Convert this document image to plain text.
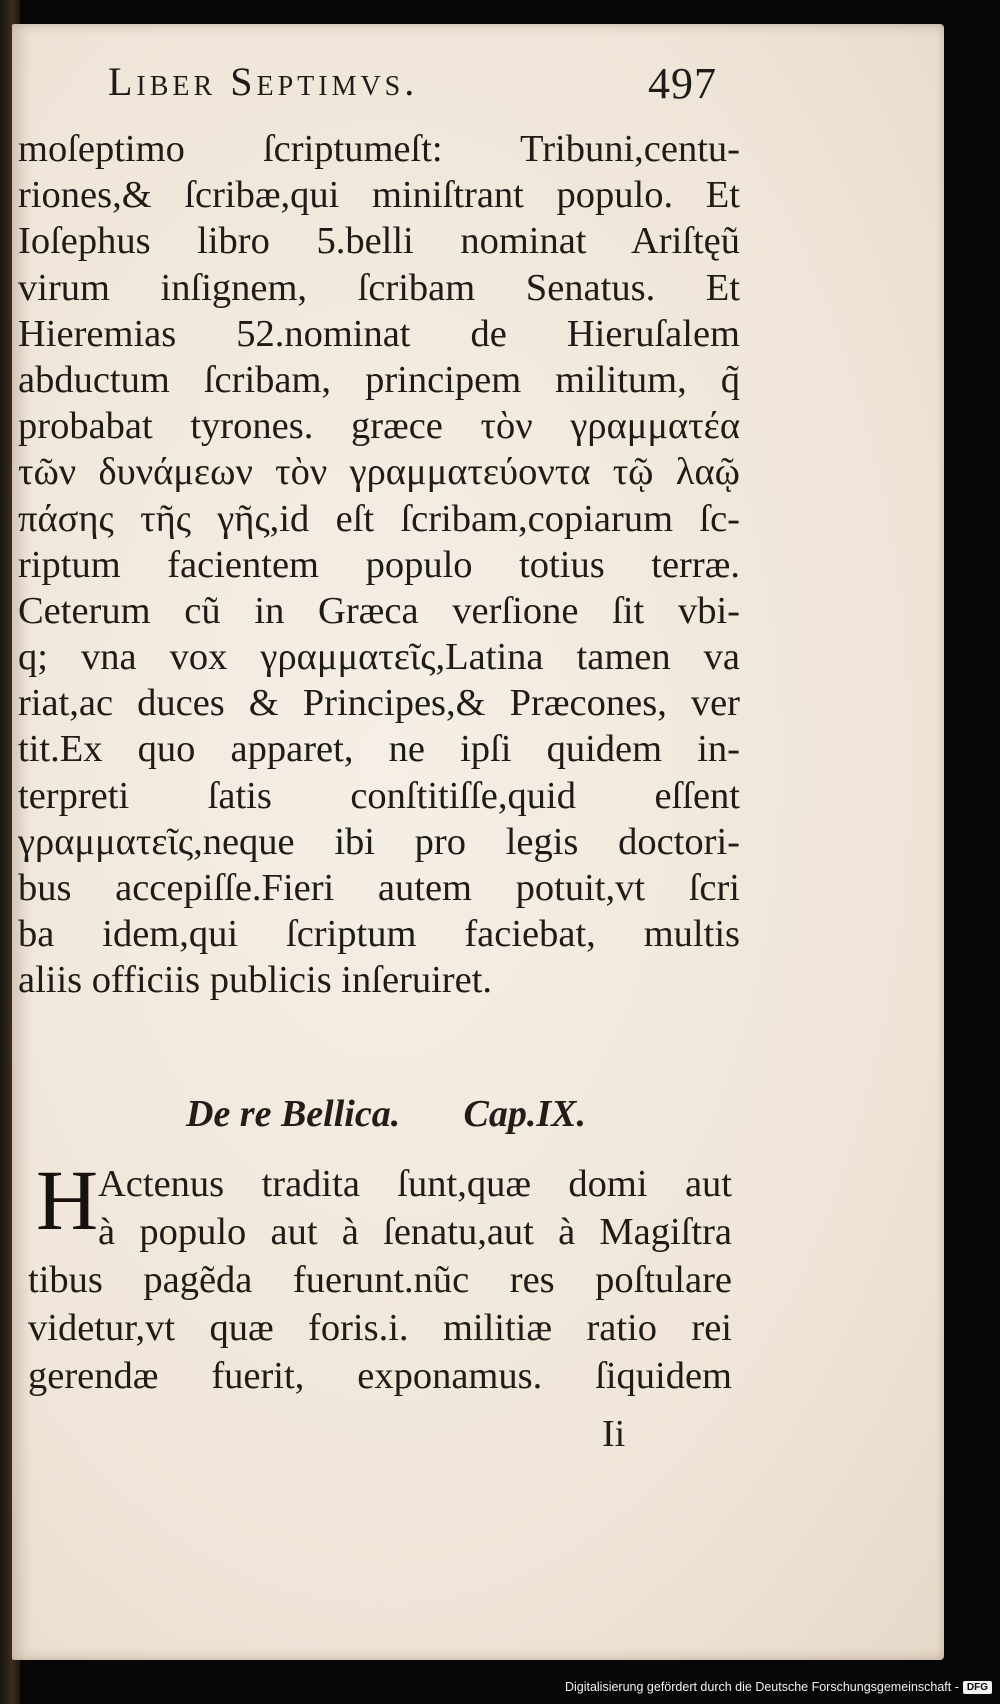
Liber Septimvs.	497
moſeptimo ſcriptumeſt: Tribuni,centu-
riones,& ſcribæ,qui miniſtrant populo. Et
Ioſephus libro 5.belli nominat Ariſtęũ
virum inſignem, ſcribam Senatus. Et
Hieremias 52.nominat de Hieruſalem
abductum ſcribam, principem militum, q̃
probabat tyrones. græce τὸν γραμματέα
τῶν δυνάμεων τὸν γραμματεύοντα τῷ λαῷ
πάσης τῆς γῆς,id eſt ſcribam,copiarum ſc-
riptum facientem populo totius terræ.
Ceterum cũ in Græca verſione ſit vbi-
q; vna vox γραμματεῖς,Latina tamen va
riat,ac duces & Principes,& Præcones, ver
tit.Ex quo apparet, ne ipſi quidem in-
terpreti ſatis conſtitiſſe,quid eſſent
γραμματεῖς,neque ibi pro legis doctori-
bus accepiſſe.Fieri autem potuit,vt ſcri
ba idem,qui ſcriptum faciebat, multis
aliis officiis publicis inſeruiret.
De re Bellica. Cap.IX.
H Actenus tradita ſunt,quæ domi aut
à populo aut à ſenatu,aut à Magiſtra
tibus pagẽda fuerunt.nũc res poſtulare
videtur,vt quæ foris.i. militiæ ratio rei
gerendæ fuerit, exponamus. ſiquidem
Ii
Digitalisierung gefördert durch die Deutsche Forschungsgemeinschaft - DFG
